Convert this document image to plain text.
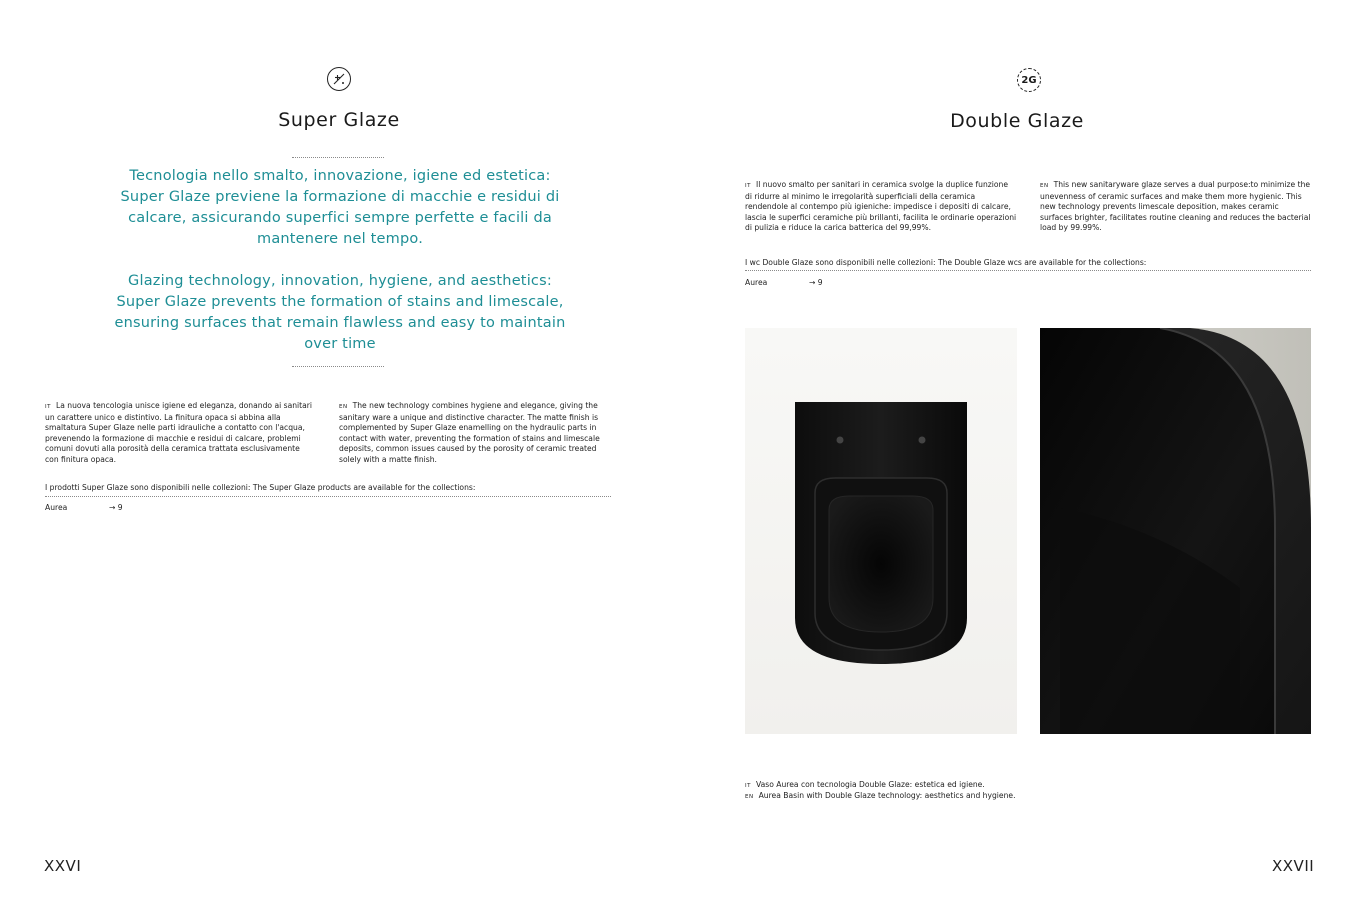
Super Glaze
Tecnologia nello smalto, innovazione, igiene ed estetica: Super Glaze previene la formazione di macchie e residui di calcare, assicurando superfici sempre perfette e facili da mantenere nel tempo.
Glazing technology, innovation, hygiene, and aesthetics: Super Glaze prevents the formation of stains and limescale, ensuring surfaces that remain flawless and easy to maintain over time
IT La nuova tencologia unisce igiene ed eleganza, donando ai sanitari un carattere unico e distintivo. La finitura opaca si abbina alla smaltatura Super Glaze nelle parti idrauliche a contatto con l'acqua, prevenendo la formazione di macchie e residui di calcare, problemi comuni dovuti alla porosità della ceramica trattata esclusivamente con finitura opaca.
EN The new technology combines hygiene and elegance, giving the sanitary ware a unique and distinctive character. The matte finish is complemented by Super Glaze enamelling on the hydraulic parts in contact with water, preventing the formation of stains and limescale deposits, common issues caused by the porosity of ceramic treated solely with a matte finish.
I prodotti Super Glaze sono disponibili nelle collezioni: The Super Glaze products are available for the collections:
Aurea	→ 9
XXVI
2G
Double Glaze
IT Il nuovo smalto per sanitari in ceramica svolge la duplice funzione di ridurre al minimo le irregolarità superficiali della ceramica rendendole al contempo più igieniche: impedisce i depositi di calcare, lascia le superfici ceramiche più brillanti, facilita le ordinarie operazioni di pulizia e riduce la carica batterica del 99,99%.
EN This new sanitaryware glaze serves a dual purpose:to minimize the unevenness of ceramic surfaces and make them more hygienic. This new technology prevents limescale deposition, makes ceramic surfaces brighter, facilitates routine cleaning and reduces the bacterial load by 99.99%.
I wc Double Glaze sono disponibili nelle collezioni: The Double Glaze wcs are available for the collections:
Aurea	→ 9
IT Vaso Aurea con tecnologia Double Glaze: estetica ed igiene.
EN Aurea Basin with Double Glaze technology: aesthetics and hygiene.
XXVII
